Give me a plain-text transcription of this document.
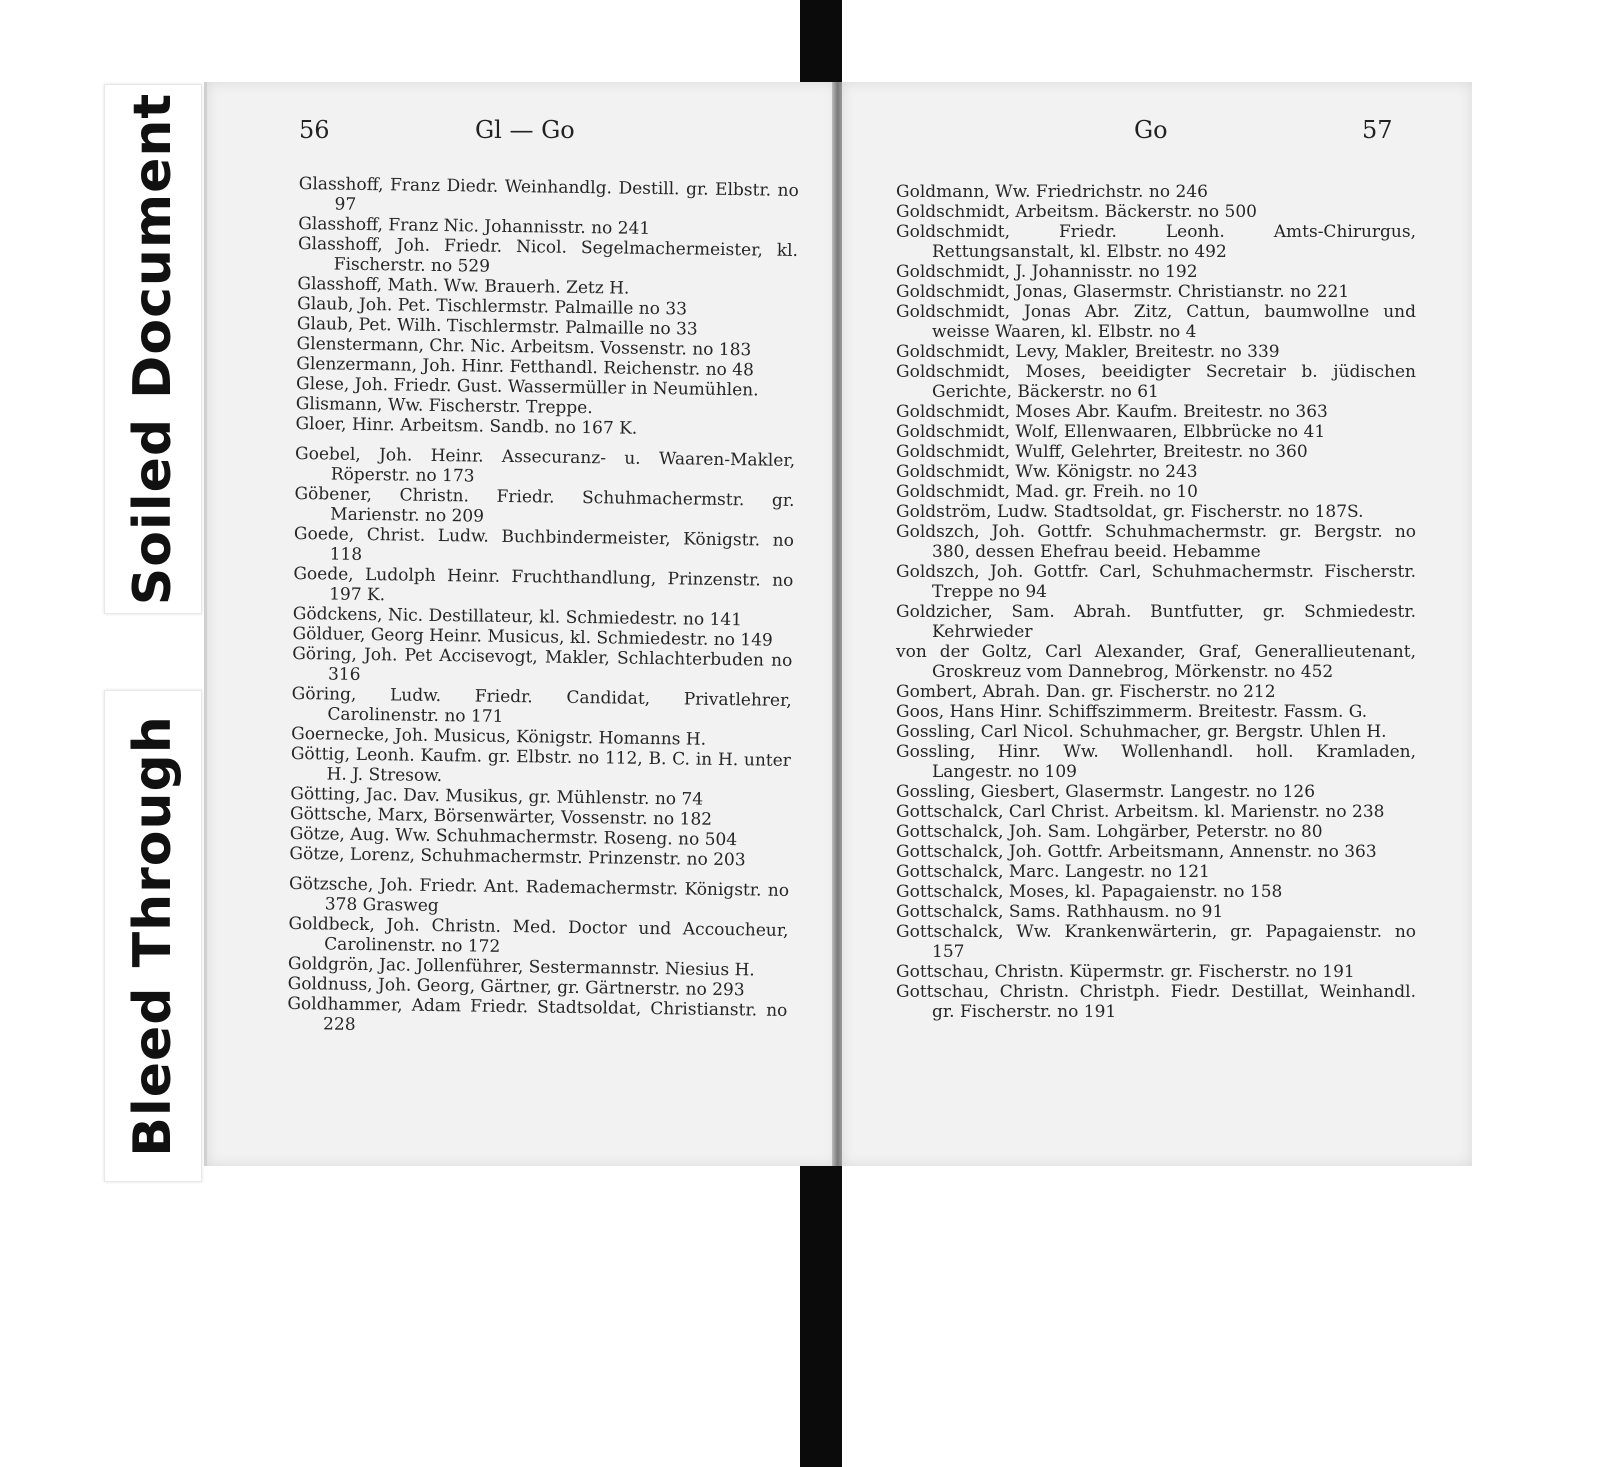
Soiled Document
Bleed Through
56	Gl — Go
Glasshoff, Franz Diedr. Weinhandlg. Destill. gr. Elbstr. no 97
Glasshoff, Franz Nic. Johannisstr. no 241
Glasshoff, Joh. Friedr. Nicol. Segelmachermeister, kl. Fischerstr. no 529
Glasshoff, Math. Ww. Brauerh. Zetz H.
Glaub, Joh. Pet. Tischlermstr. Palmaille no 33
Glaub, Pet. Wilh. Tischlermstr. Palmaille no 33
Glenstermann, Chr. Nic. Arbeitsm. Vossenstr. no 183
Glenzermann, Joh. Hinr. Fetthandl. Reichenstr. no 48
Glese, Joh. Friedr. Gust. Wassermüller in Neumühlen.
Glismann, Ww. Fischerstr. Treppe.
Gloer, Hinr. Arbeitsm. Sandb. no 167 K.
Goebel, Joh. Heinr. Assecuranz- u. Waaren-Makler, Röperstr. no 173
Göbener, Christn. Friedr. Schuhmachermstr. gr. Marienstr. no 209
Goede, Christ. Ludw. Buchbindermeister, Königstr. no 118
Goede, Ludolph Heinr. Fruchthandlung, Prinzenstr. no 197 K.
Gödckens, Nic. Destillateur, kl. Schmiedestr. no 141
Gölduer, Georg Heinr. Musicus, kl. Schmiedestr. no 149
Göring, Joh. Pet Accisevogt, Makler, Schlachterbuden no 316
Göring, Ludw. Friedr. Candidat, Privatlehrer, Carolinenstr. no 171
Goernecke, Joh. Musicus, Königstr. Homanns H.
Göttig, Leonh. Kaufm. gr. Elbstr. no 112, B. C. in H. unter H. J. Stresow.
Götting, Jac. Dav. Musikus, gr. Mühlenstr. no 74
Göttsche, Marx, Börsenwärter, Vossenstr. no 182
Götze, Aug. Ww. Schuhmachermstr. Roseng. no 504
Götze, Lorenz, Schuhmachermstr. Prinzenstr. no 203
Götzsche, Joh. Friedr. Ant. Rademachermstr. Königstr. no 378 Grasweg
Goldbeck, Joh. Christn. Med. Doctor und Accoucheur, Carolinenstr. no 172
Goldgrön, Jac. Jollenführer, Sestermannstr. Niesius H.
Goldnuss, Joh. Georg, Gärtner, gr. Gärtnerstr. no 293
Goldhammer, Adam Friedr. Stadtsoldat, Christianstr. no 228
Go	57
Goldmann, Ww. Friedrichstr. no 246
Goldschmidt, Arbeitsm. Bäckerstr. no 500
Goldschmidt, Friedr. Leonh. Amts-Chirurgus, Rettungsanstalt, kl. Elbstr. no 492
Goldschmidt, J. Johannisstr. no 192
Goldschmidt, Jonas, Glasermstr. Christianstr. no 221
Goldschmidt, Jonas Abr. Zitz, Cattun, baumwollne und weisse Waaren, kl. Elbstr. no 4
Goldschmidt, Levy, Makler, Breitestr. no 339
Goldschmidt, Moses, beeidigter Secretair b. jüdischen Gerichte, Bäckerstr. no 61
Goldschmidt, Moses Abr. Kaufm. Breitestr. no 363
Goldschmidt, Wolf, Ellenwaaren, Elbbrücke no 41
Goldschmidt, Wulff, Gelehrter, Breitestr. no 360
Goldschmidt, Ww. Königstr. no 243
Goldschmidt, Mad. gr. Freih. no 10
Goldström, Ludw. Stadtsoldat, gr. Fischerstr. no 187S.
Goldszch, Joh. Gottfr. Schuhmachermstr. gr. Bergstr. no 380, dessen Ehefrau beeid. Hebamme
Goldszch, Joh. Gottfr. Carl, Schuhmachermstr. Fischerstr. Treppe no 94
Goldzicher, Sam. Abrah. Buntfutter, gr. Schmiedestr. Kehrwieder
von der Goltz, Carl Alexander, Graf, Generallieutenant, Groskreuz vom Dannebrog, Mörkenstr. no 452
Gombert, Abrah. Dan. gr. Fischerstr. no 212
Goos, Hans Hinr. Schiffszimmerm. Breitestr. Fassm. G.
Gossling, Carl Nicol. Schuhmacher, gr. Bergstr. Uhlen H.
Gossling, Hinr. Ww. Wollenhandl. holl. Kramladen, Langestr. no 109
Gossling, Giesbert, Glasermstr. Langestr. no 126
Gottschalck, Carl Christ. Arbeitsm. kl. Marienstr. no 238
Gottschalck, Joh. Sam. Lohgärber, Peterstr. no 80
Gottschalck, Joh. Gottfr. Arbeitsmann, Annenstr. no 363
Gottschalck, Marc. Langestr. no 121
Gottschalck, Moses, kl. Papagaienstr. no 158
Gottschalck, Sams. Rathhausm. no 91
Gottschalck, Ww. Krankenwärterin, gr. Papagaienstr. no 157
Gottschau, Christn. Küpermstr. gr. Fischerstr. no 191
Gottschau, Christn. Christph. Fiedr. Destillat, Weinhandl. gr. Fischerstr. no 191
